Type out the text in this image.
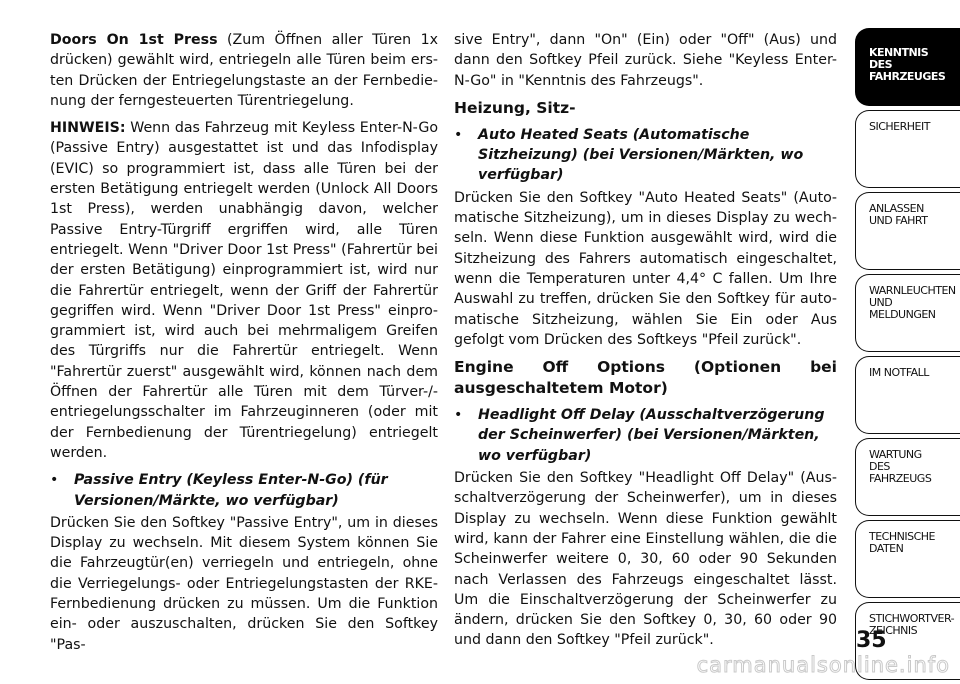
Doors On 1st Press (Zum Öffnen aller Türen 1x drücken) gewählt wird, entriegeln alle Türen beim ersten Drücken der Entriegelungstaste an der Fernbedienung der ferngesteuerten Türentriegelung.

HINWEIS: Wenn das Fahrzeug mit Keyless Enter-N-Go (Passive Entry) ausgestattet ist und das Infodisplay (EVIC) so programmiert ist, dass alle Türen bei der ersten Betätigung entriegelt werden (Unlock All Doors 1st Press), werden unabhängig davon, welcher Passive Entry-Türgriff ergriffen wird, alle Türen entriegelt. Wenn "Driver Door 1st Press" (Fahrertür bei der ersten Betätigung) einprogrammiert ist, wird nur die Fahrertür entriegelt, wenn der Griff der Fahrertür gegriffen wird. Wenn "Driver Door 1st Press" einprogrammiert ist, wird auch bei mehrmaligem Greifen des Türgriffs nur die Fahrertür entriegelt. Wenn "Fahrertür zuerst" ausgewählt wird, können nach dem Öffnen der Fahrertür alle Türen mit dem Türver-/-entriegelungsschalter im Fahrzeuginneren (oder mit der Fernbedienung der Türentriegelung) entriegelt werden.

• Passive Entry (Keyless Enter-N-Go) (für Versionen/Märkte, wo verfügbar)

Drücken Sie den Softkey "Passive Entry", um in dieses Display zu wechseln. Mit diesem System können Sie die Fahrzeugtür(en) verriegeln und entriegeln, ohne die Verriegelungs- oder Entriegelungstasten der RKE-Fernbedienung drücken zu müssen. Um die Funktion ein- oder auszuschalten, drücken Sie den Softkey "Pas-

sive Entry", dann "On" (Ein) oder "Off" (Aus) und dann den Softkey Pfeil zurück. Siehe "Keyless Enter-N-Go" in "Kenntnis des Fahrzeugs".

Heizung, Sitz-
• Auto Heated Seats (Automatische Sitzheizung) (bei Versionen/Märkten, wo verfügbar)

Drücken Sie den Softkey "Auto Heated Seats" (Automatische Sitzheizung), um in dieses Display zu wechseln. Wenn diese Funktion ausgewählt wird, wird die Sitzheizung des Fahrers automatisch eingeschaltet, wenn die Temperaturen unter 4,4° C fallen. Um Ihre Auswahl zu treffen, drücken Sie den Softkey für automatische Sitzheizung, wählen Sie Ein oder Aus gefolgt vom Drücken des Softkeys "Pfeil zurück".

Engine Off Options (Optionen bei ausgeschaltetem Motor)
• Headlight Off Delay (Ausschaltverzögerung der Scheinwerfer) (bei Versionen/Märkten, wo verfügbar)

Drücken Sie den Softkey "Headlight Off Delay" (Ausschaltverzögerung der Scheinwerfer), um in dieses Display zu wechseln. Wenn diese Funktion gewählt wird, kann der Fahrer eine Einstellung wählen, die die Scheinwerfer weitere 0, 30, 60 oder 90 Sekunden nach Verlassen des Fahrzeugs eingeschaltet lässt. Um die Einschaltverzögerung der Scheinwerfer zu ändern, drücken Sie den Softkey 0, 30, 60 oder 90 und dann den Softkey "Pfeil zurück".

KENNTNIS
DES
FAHRZEUGES
SICHERHEIT
ANLASSEN
UND FAHRT
WARNLEUCHTEN
UND
MELDUNGEN
IM NOTFALL
WARTUNG
DES
FAHRZEUGS
TECHNISCHE
DATEN
STICHWORTVER-
ZEICHNIS
35
carmanualsonline.info
